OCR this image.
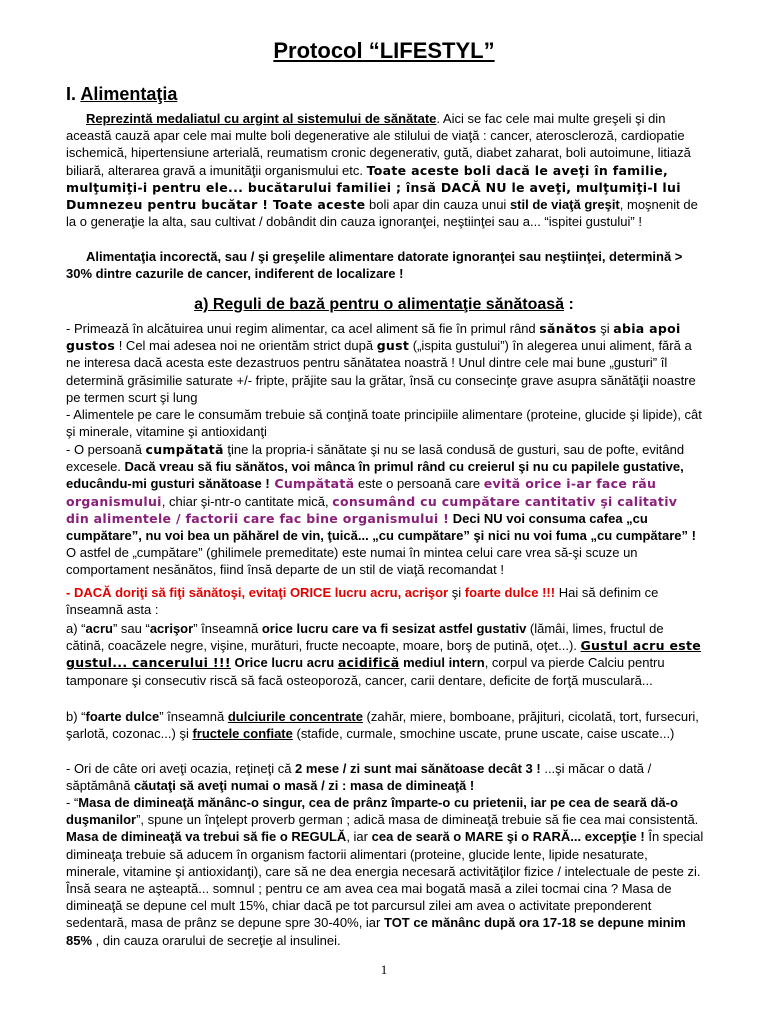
Protocol “LIFESTYL”
I. Alimentaţia
Reprezintă medaliatul cu argint al sistemului de sănătate. Aici se fac cele mai multe greşeli şi din această cauză apar cele mai multe boli degenerative ale stilului de viaţă : cancer, ateroscleroză, cardiopatie ischemică, hipertensiune arterială, reumatism cronic degenerativ, gută, diabet zaharat, boli autoimune, litiază biliară, alterarea gravă a imunităţii organismului etc. Toate aceste boli dacă le aveţi în familie, mulţumiţi-i pentru ele... bucătarului familiei ; însă DACĂ NU le aveţi, mulţumiţi-I lui Dumnezeu pentru bucătar ! Toate aceste boli apar din cauza unui stil de viaţă greşit, moşnenit de la o generaţie la alta, sau cultivat / dobândit din cauza ignoranţei, neştiinţei sau a... “ispitei gustului” !
Alimentaţia incorectă, sau / şi greşelile alimentare datorate ignoranţei sau neştiinţei, determină > 30% dintre cazurile de cancer, indiferent de localizare !
a) Reguli de bază pentru o alimentaţie sănătoasă :
- Primează în alcătuirea unui regim alimentar, ca acel aliment să fie în primul rând sănătos şi abia apoi gustos ! Cel mai adesea noi ne orientăm strict după gust („ispita gustului”) în alegerea unui aliment, fără a ne interesa dacă acesta este dezastruos pentru sănătatea noastră ! Unul dintre cele mai bune „gusturi” îl determină grăsimilie saturate +/- fripte, prăjite sau la grătar, însă cu consecinţe grave asupra sănătăţii noastre pe termen scurt şi lung
- Alimentele pe care le consumăm trebuie să conţină toate principiile alimentare (proteine, glucide şi lipide), cât şi minerale, vitamine şi antioxidanţi
- O persoană cumpătată ţine la propria-i sănătate şi nu se lasă condusă de gusturi, sau de pofte, evitând excesele. Dacă vreau să fiu sănătos, voi mânca în primul rând cu creierul şi nu cu papilele gustative, educându-mi gusturi sănătoase ! Cumpătată este o persoană care evită orice i-ar face rău organismului, chiar şi-ntr-o cantitate mică, consumând cu cumpătare cantitativ şi calitativ din alimentele / factorii care fac bine organismului ! Deci NU voi consuma cafea „cu cumpătare”, nu voi bea un păhărel de vin, ţuică... „cu cumpătare” şi nici nu voi fuma „cu cumpătare” ! O astfel de „cumpătare” (ghilimele premeditate) este numai în mintea celui care vrea să-şi scuze un comportament nesănătos, fiind însă departe de un stil de viaţă recomandat !
- DACĂ doriţi să fiţi sănătoşi, evitaţi ORICE lucru acru, acrişor şi foarte dulce !!! Hai să definim ce înseamnă asta :
a) “acru” sau “acrişor” înseamnă orice lucru care va fi sesizat astfel gustativ (lămâi, limes, fructul de cătină, coacăzele negre, vişine, murături, fructe necoapte, moare, borş de putină, oţet...). Gustul acru este gustul... cancerului !!! Orice lucru acru acidifică mediul intern, corpul va pierde Calciu pentru tamponare şi consecutiv riscă să facă osteoporoză, cancer, carii dentare, deficite de forţă musculară...
b) “foarte dulce” înseamnă dulciurile concentrate (zahăr, miere, bomboane, prăjituri, cicolată, tort, fursecuri, şarlotă, cozonac...) şi fructele confiate (stafide, curmale, smochine uscate, prune uscate, caise uscate...)
- Ori de câte ori aveţi ocazia, reţineţi că 2 mese / zi sunt mai sănătoase decât 3 ! ...şi măcar o dată / săptămână căutaţi să aveţi numai o masă / zi : masa de dimineaţă !
- “Masa de dimineaţă mănânc-o singur, cea de prânz împarte-o cu prietenii, iar pe cea de seară dă-o duşmanilor”, spune un înţelept proverb german ; adică masa de dimineaţă trebuie să fie cea mai consistentă. Masa de dimineaţă va trebui să fie o REGULĂ, iar cea de seară o MARE şi o RARĂ... excepţie ! În special dimineaţa trebuie să aducem în organism factorii alimentari (proteine, glucide lente, lipide nesaturate, minerale, vitamine şi antioxidanţi), care să ne dea energia necesară activităţilor fizice / intelectuale de peste zi. Însă seara ne aşteaptă... somnul ; pentru ce am avea cea mai bogată masă a zilei tocmai cina ? Masa de dimineaţă se depune cel mult 15%, chiar dacă pe tot parcursul zilei am avea o activitate preponderent sedentară, masa de prânz se depune spre 30-40%, iar TOT ce mănânc după ora 17-18 se depune minim 85% , din cauza orarului de secreţie al insulinei.
1
